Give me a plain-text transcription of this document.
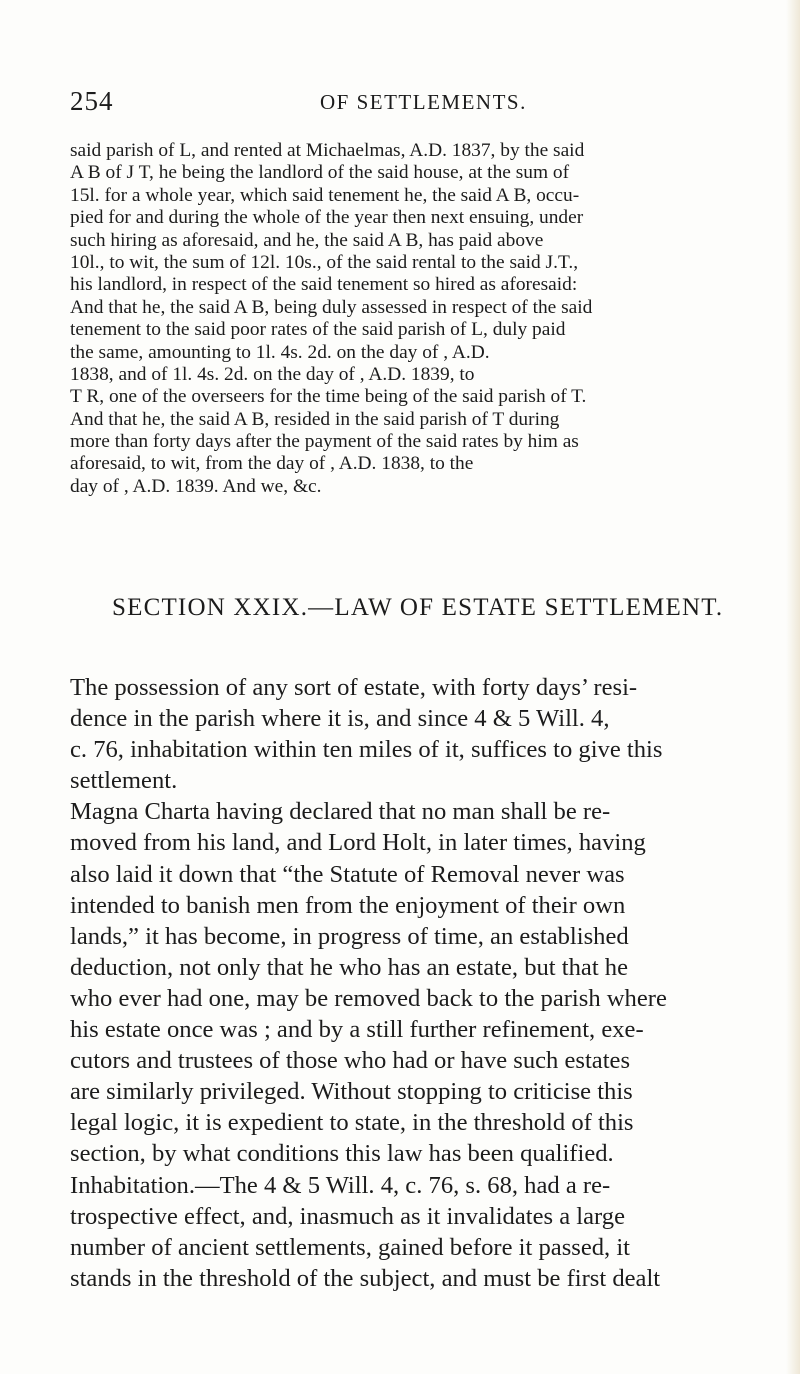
254	OF SETTLEMENTS.
said parish of L, and rented at Michaelmas, A.D. 1837, by the said
A B of J T, he being the landlord of the said house, at the sum of
15l. for a whole year, which said tenement he, the said A B, occu-
pied for and during the whole of the year then next ensuing, under
such hiring as aforesaid, and he, the said A B, has paid above
10l., to wit, the sum of 12l. 10s., of the said rental to the said J.T.,
his landlord, in respect of the said tenement so hired as aforesaid:
And that he, the said A B, being duly assessed in respect of the said
tenement to the said poor rates of the said parish of L, duly paid
the same, amounting to 1l. 4s. 2d. on the day of , A.D.
1838, and of 1l. 4s. 2d. on the day of , A.D. 1839, to
T R, one of the overseers for the time being of the said parish of T.
And that he, the said A B, resided in the said parish of T during
more than forty days after the payment of the said rates by him as
aforesaid, to wit, from the day of , A.D. 1838, to the
day of , A.D. 1839. And we, &c.
SECTION XXIX.—LAW OF ESTATE SETTLEMENT.
The possession of any sort of estate, with forty days’ resi-
dence in the parish where it is, and since 4 & 5 Will. 4,
c. 76, inhabitation within ten miles of it, suffices to give this
settlement.
Magna Charta having declared that no man shall be re-
moved from his land, and Lord Holt, in later times, having
also laid it down that “the Statute of Removal never was
intended to banish men from the enjoyment of their own
lands,” it has become, in progress of time, an established
deduction, not only that he who has an estate, but that he
who ever had one, may be removed back to the parish where
his estate once was ; and by a still further refinement, exe-
cutors and trustees of those who had or have such estates
are similarly privileged. Without stopping to criticise this
legal logic, it is expedient to state, in the threshold of this
section, by what conditions this law has been qualified.
Inhabitation.—The 4 & 5 Will. 4, c. 76, s. 68, had a re-
trospective effect, and, inasmuch as it invalidates a large
number of ancient settlements, gained before it passed, it
stands in the threshold of the subject, and must be first dealt
